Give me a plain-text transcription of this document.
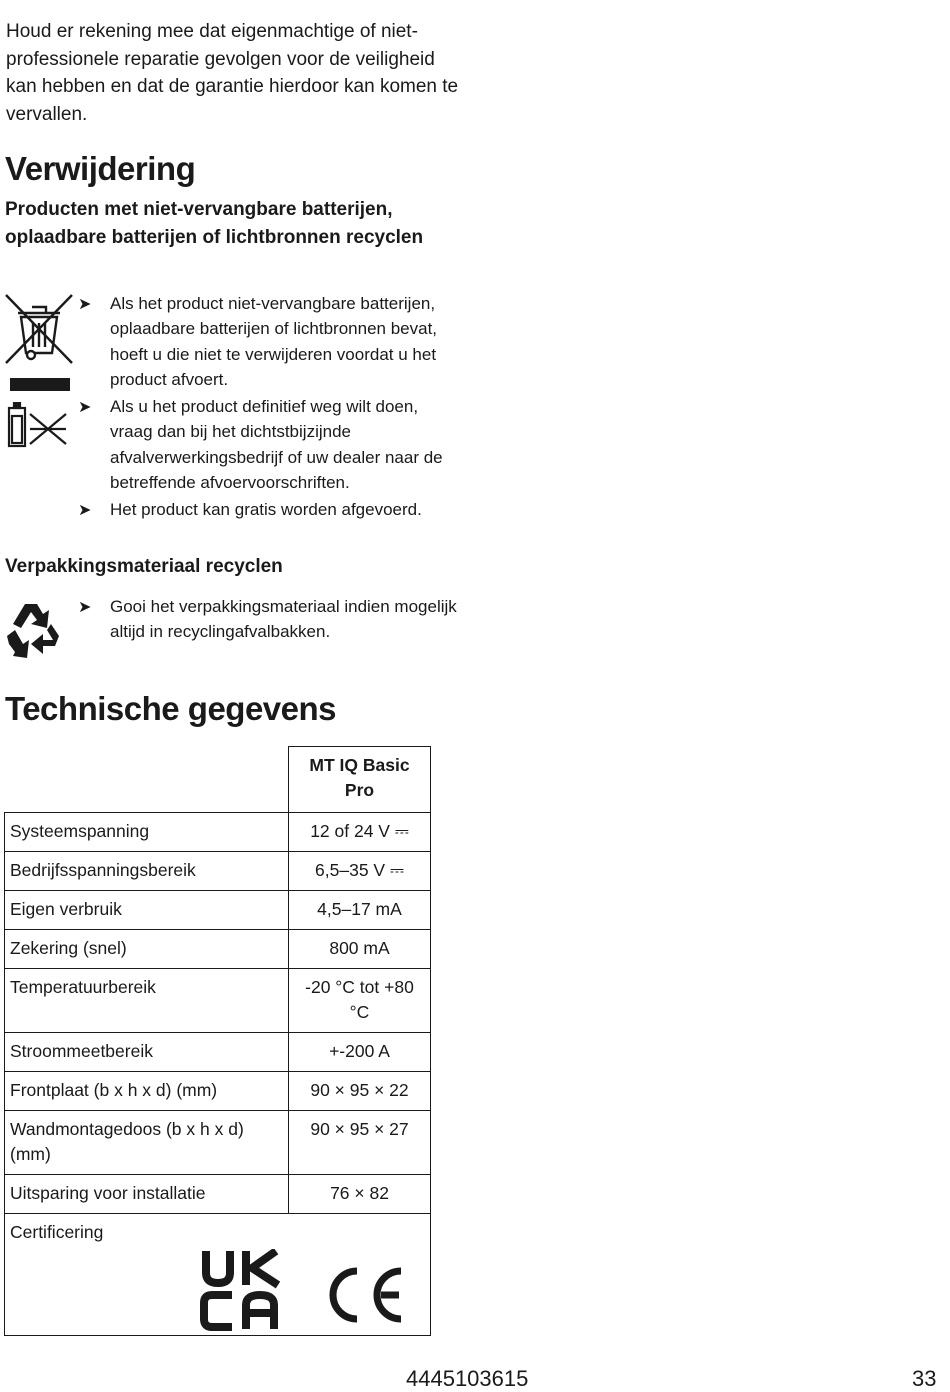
Houd er rekening mee dat eigenmachtige of niet-professionele reparatie gevolgen voor de veiligheid kan hebben en dat de garantie hierdoor kan komen te vervallen.

Verwijdering
Producten met niet-vervangbare batterijen, oplaadbare batterijen of lichtbronnen recyclen
➤ Als het product niet-vervangbare batterijen, oplaadbare batterijen of lichtbronnen bevat, hoeft u die niet te verwijderen voordat u het product afvoert.
➤ Als u het product definitief weg wilt doen, vraag dan bij het dichtstbijzijnde afvalverwerkingsbedrijf of uw dealer naar de betreffende afvoervoorschriften.
➤ Het product kan gratis worden afgevoerd.
Verpakkingsmateriaal recyclen
➤ Gooi het verpakkingsmateriaal indien mogelijk altijd in recyclingafvalbakken.
Technische gegevens
	MT IQ Basic Pro
Systeemspanning	12 of 24 V ⎓
Bedrijfsspanningsbereik	6,5–35 V ⎓
Eigen verbruik	4,5–17 mA
Zekering (snel)	800 mA
Temperatuurbereik	-20 °C tot +80 °C
Stroommeetbereik	+-200 A
Frontplaat (b x h x d) (mm)	90 × 95 × 22
Wandmontagedoos (b x h x d) (mm)	90 × 95 × 27
Uitsparing voor installatie	76 × 82

Certificering	
4445103615	33
